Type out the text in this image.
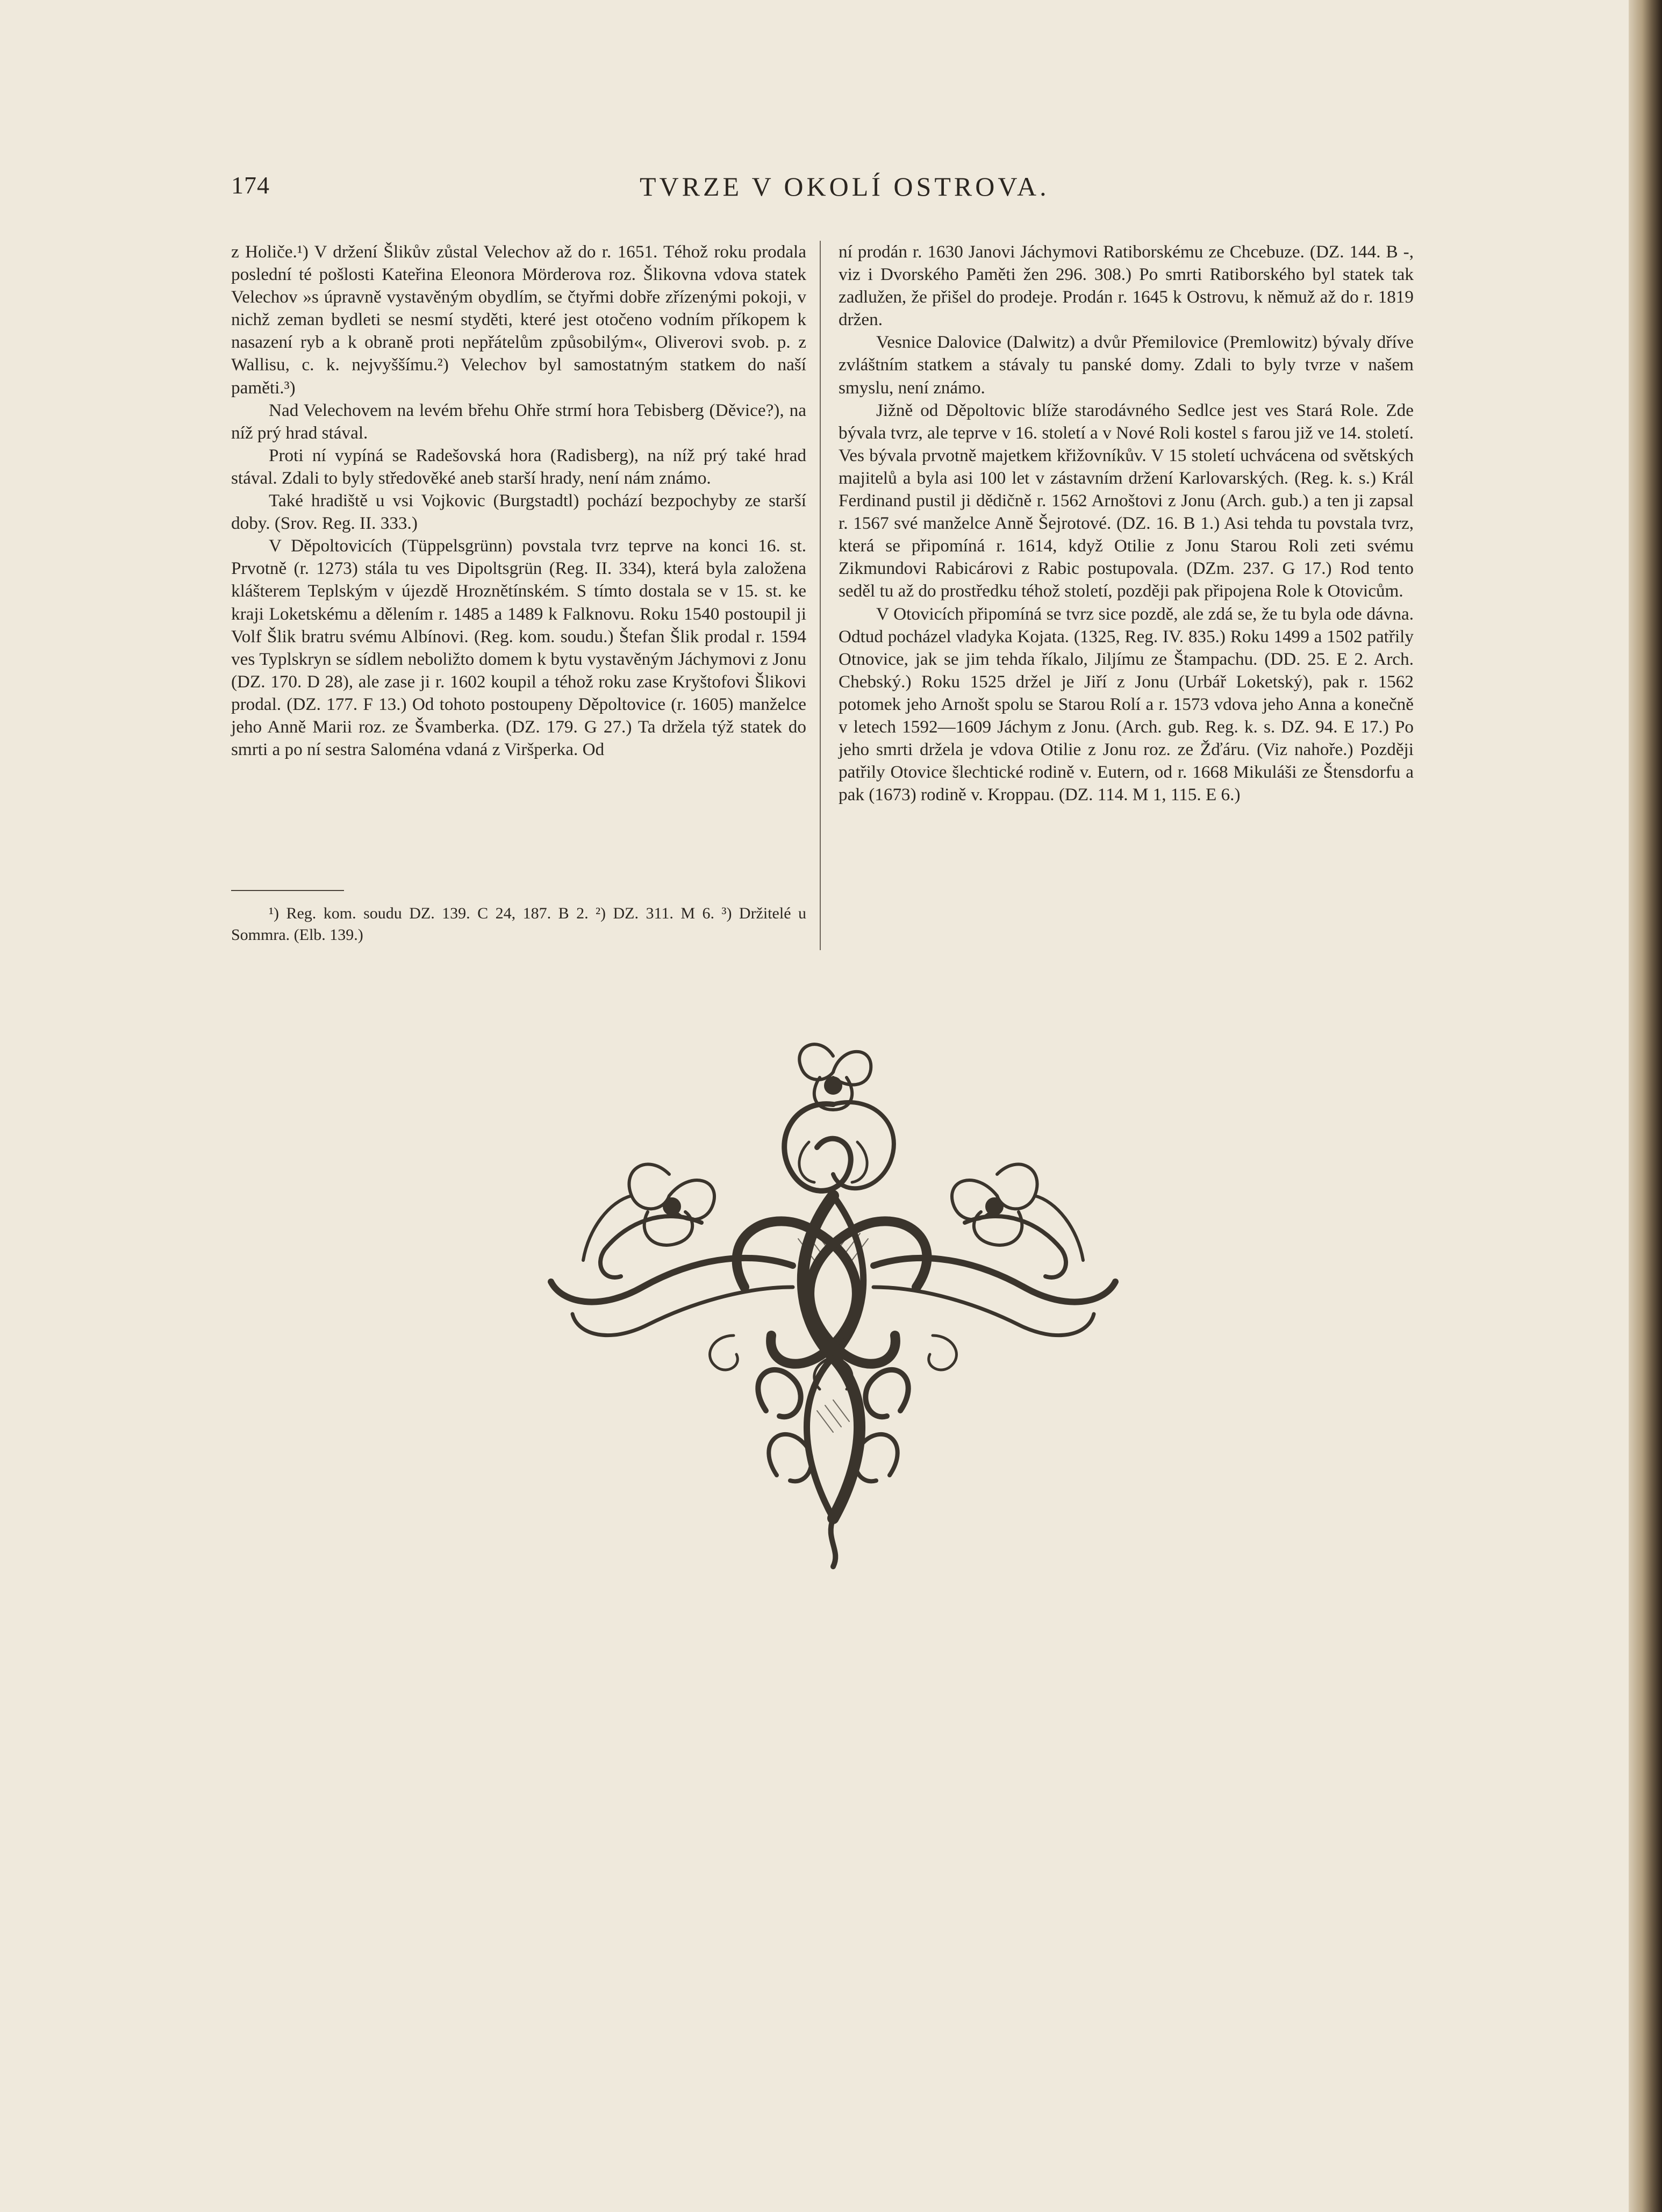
174	TVRZE V OKOLÍ OSTROVA.

z Holiče.¹) V držení Šlikův zůstal Velechov až do r. 1651. Téhož roku prodala poslední té pošlosti Kateřina Eleonora Mörderova roz. Šlikovna vdova statek Velechov »s úpravně vystavěným obydlím, se čtyřmi dobře zřízenými pokoji, v nichž zeman bydleti se nesmí styděti, které jest otočeno vodním příkopem k nasazení ryb a k obraně proti nepřátelům způsobilým«, Oliverovi svob. p. z Wallisu, c. k. nejvyššímu.²) Velechov byl samostatným statkem do naší paměti.³)

Nad Velechovem na levém břehu Ohře strmí hora Tebisberg (Děvice?), na níž prý hrad stával.

Proti ní vypíná se Radešovská hora (Radisberg), na níž prý také hrad stával. Zdali to byly středověké aneb starší hrady, není nám známo.

Také hradiště u vsi Vojkovic (Burgstadtl) pochází bezpochyby ze starší doby. (Srov. Reg. II. 333.)

V Děpoltovicích (Tüppelsgrünn) povstala tvrz teprve na konci 16. st. Prvotně (r. 1273) stála tu ves Dipoltsgrün (Reg. II. 334), která byla založena klášterem Teplským v újezdě Hroznětínském. S tímto dostala se v 15. st. ke kraji Loketskému a dělením r. 1485 a 1489 k Falknovu. Roku 1540 postoupil ji Volf Šlik bratru svému Albínovi. (Reg. kom. soudu.) Štefan Šlik prodal r. 1594 ves Typlskryn se sídlem neboližto domem k bytu vystavěným Jáchymovi z Jonu (DZ. 170. D 28), ale zase ji r. 1602 koupil a téhož roku zase Kryštofovi Šlikovi prodal. (DZ. 177. F 13.) Od tohoto postoupeny Děpoltovice (r. 1605) manželce jeho Anně Marii roz. ze Švamberka. (DZ. 179. G 27.) Ta držela týž statek do smrti a po ní sestra Saloména vdaná z Viršperka. Od

¹) Reg. kom. soudu DZ. 139. C 24, 187. B 2. ²) DZ. 311. M 6. ³) Držitelé u Sommra. (Elb. 139.)

ní prodán r. 1630 Janovi Jáchymovi Ratiborskému ze Chcebuze. (DZ. 144. B -, viz i Dvorského Paměti žen 296. 308.) Po smrti Ratiborského byl statek tak zadlužen, že přišel do prodeje. Prodán r. 1645 k Ostrovu, k němuž až do r. 1819 držen.

Vesnice Dalovice (Dalwitz) a dvůr Přemilovice (Premlowitz) bývaly dříve zvláštním statkem a stávaly tu panské domy. Zdali to byly tvrze v našem smyslu, není známo.

Jižně od Děpoltovic blíže starodávného Sedlce jest ves Stará Role. Zde bývala tvrz, ale teprve v 16. století a v Nové Roli kostel s farou již ve 14. století. Ves bývala prvotně majetkem křižovníkův. V 15 století uchvácena od světských majitelů a byla asi 100 let v zástavním držení Karlovarských. (Reg. k. s.) Král Ferdinand pustil ji dědičně r. 1562 Arnoštovi z Jonu (Arch. gub.) a ten ji zapsal r. 1567 své manželce Anně Šejrotové. (DZ. 16. B 1.) Asi tehda tu povstala tvrz, která se připomíná r. 1614, když Otilie z Jonu Starou Roli zeti svému Zikmundovi Rabicárovi z Rabic postupovala. (DZm. 237. G 17.) Rod tento seděl tu až do prostředku téhož století, později pak připojena Role k Otovicům.

V Otovicích připomíná se tvrz sice pozdě, ale zdá se, že tu byla ode dávna. Odtud pocházel vladyka Kojata. (1325, Reg. IV. 835.) Roku 1499 a 1502 patřily Otnovice, jak se jim tehda říkalo, Jiljímu ze Štampachu. (DD. 25. E 2. Arch. Chebský.) Roku 1525 držel je Jiří z Jonu (Urbář Loketský), pak r. 1562 potomek jeho Arnošt spolu se Starou Rolí a r. 1573 vdova jeho Anna a konečně v letech 1592—1609 Jáchym z Jonu. (Arch. gub. Reg. k. s. DZ. 94. E 17.) Po jeho smrti držela je vdova Otilie z Jonu roz. ze Žďáru. (Viz nahoře.) Později patřily Otovice šlechtické rodině v. Eutern, od r. 1668 Mikuláši ze Štensdorfu a pak (1673) rodině v. Kroppau. (DZ. 114. M 1, 115. E 6.)
